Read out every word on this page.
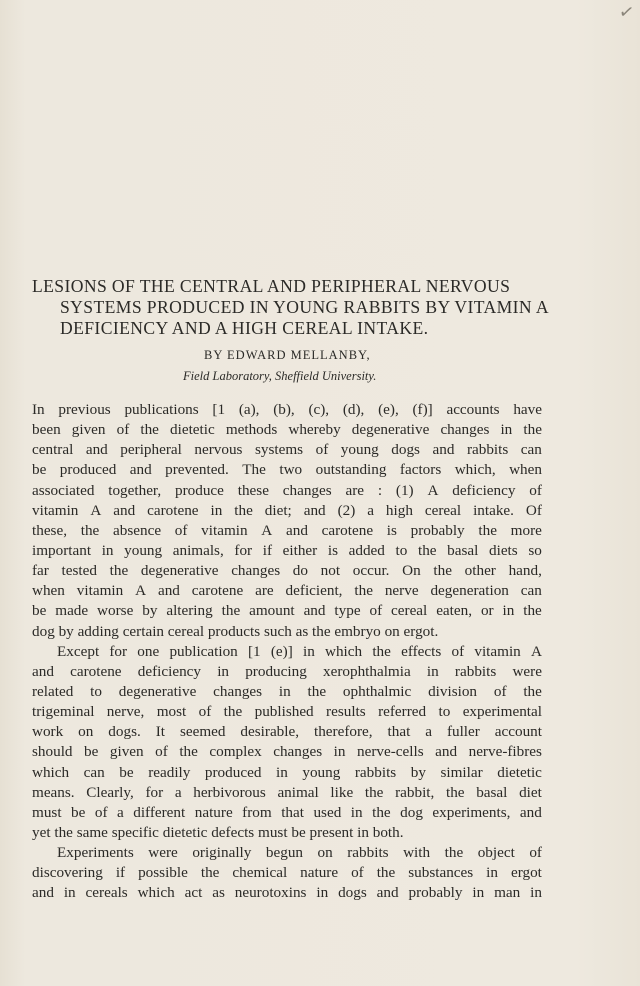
✓
LESIONS OF THE CENTRAL AND PERIPHERAL NERVOUS
SYSTEMS PRODUCED IN YOUNG RABBITS BY VITAMIN A
DEFICIENCY AND A HIGH CEREAL INTAKE.
BY EDWARD MELLANBY,
Field Laboratory, Sheffield University.
In previous publications [1 (a), (b), (c), (d), (e), (f)] accounts have
been given of the dietetic methods whereby degenerative changes in the
central and peripheral nervous systems of young dogs and rabbits can
be produced and prevented. The two outstanding factors which, when
associated together, produce these changes are : (1) A deficiency of
vitamin A and carotene in the diet; and (2) a high cereal intake. Of
these, the absence of vitamin A and carotene is probably the more
important in young animals, for if either is added to the basal diets so
far tested the degenerative changes do not occur. On the other hand,
when vitamin A and carotene are deficient, the nerve degeneration can
be made worse by altering the amount and type of cereal eaten, or in the
dog by adding certain cereal products such as the embryo on ergot.
Except for one publication [1 (e)] in which the effects of vitamin A
and carotene deficiency in producing xerophthalmia in rabbits were
related to degenerative changes in the ophthalmic division of the
trigeminal nerve, most of the published results referred to experimental
work on dogs. It seemed desirable, therefore, that a fuller account
should be given of the complex changes in nerve-cells and nerve-fibres
which can be readily produced in young rabbits by similar dietetic
means. Clearly, for a herbivorous animal like the rabbit, the basal diet
must be of a different nature from that used in the dog experiments, and
yet the same specific dietetic defects must be present in both.
Experiments were originally begun on rabbits with the object of
discovering if possible the chemical nature of the substances in ergot
and in cereals which act as neurotoxins in dogs and probably in man in
